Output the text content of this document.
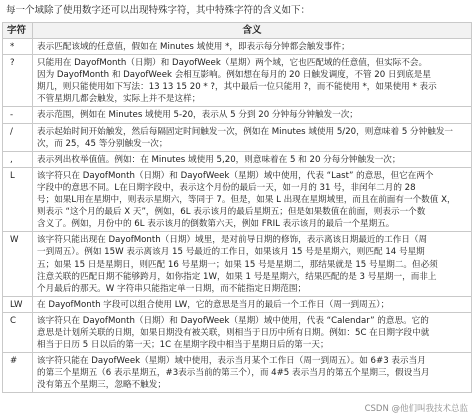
每一个域除了使用数字还可以出现特殊字符，其中特殊字符的含义如下：
字符	含义
*	表示匹配该域的任意值，假如在 Minutes 域使用 *，即表示每分钟都会触发事件；

?	只能用在 DayofMonth（日期）和 DayofWeek（星期）两个域，它也匹配域的任意值，但实际不会。
因为 DayofMonth 和 DayofWeek 会相互影响。例如想在每月的 20 日触发调度，不管 20 日到底是星
期几，则只能使用如下写法：13 13 15 20 * ?，其中最后一位只能用 ?，而不能使用 *，如果使用 * 表示
不管星期几都会触发，实际上并不是这样；

-	表示范围，例如在 Minutes 域使用 5-20，表示从 5 分到 20 分钟每分钟触发一次；

/	表示起始时间开始触发，然后每隔固定时间触发一次，例如在 Minutes 域使用 5/20，则意味着 5 分钟触发一
次，而 25，45 等分别触发一次；

,	表示列出枚举值值。例如：在 Minutes 域使用 5,20，则意味着在 5 和 20 分每分钟触发一次；

L	该字符只在 DayofMonth（日期）和 DayofWeek（星期）域中使用，代表 “Last” 的意思，但它在两个
字段中的意思不同。L在日期字段中，表示这个月份的最后一天，如一月的 31 号，非闰年二月的 28
号；如果L用在星期中，则表示星期六，等同于 7。但是，如果 L 出现在星期域里，而且在前面有一个数值 X，
则表示 “这个月的最后 X 天”，例如，6L 表示该月的最后星期五；但是如果数值在前面，则表示一个数
含义了。例如，月份中的 6L 表示该月的倒数第六天，例如 FRIL 表示该月的最后一个星期五。

W	该字符只能出现在 DayofMonth（日期）域里，是对前导日期的修饰，表示离该日期最近的工作日（周
一到周五）。例如 15W 表示离该月 15 号最近的工作日，如果该月 15 号是星期六，则匹配 14 号星期
五；如果 15 日是星期日，则匹配 16 号星期一；如果 15 号是星期二，那结果就是 15 号星期二。但必须
注意关联的匹配日期不能够跨月，如你指定 1W，如果 1 号是星期六，结果匹配的是 3 号星期一，而非上
个月最后的那天。W 字符串只能指定单一日期，而不能指定日期范围；

LW	在 DayofMonth 字段可以组合使用 LW，它的意思是当月的最后一个工作日（周一到周五）；

C	该字符只在 DayofMonth（日期）和 DayofWeek（星期）域中使用，代表 “Calendar” 的意思。它的
意思是计划所关联的日期，如果日期没有被关联，则相当于日历中所有日期。例如：5C 在日期字段中就
相当于日历 5 日以后的第一天；1C 在星期字段中相当于星期日后的第一天；

#	该字符只能在 DayofWeek（星期）域中使用，表示当月某个工作日（周一到周五）。如 6#3 表示当月
的第三个星期五（6 表示星期五，#3表示当前的第三个），而 4#5 表示当月的第五个星期三，假设当月
没有第五个星期三，忽略不触发；
CSDN @他们叫我技术总监
